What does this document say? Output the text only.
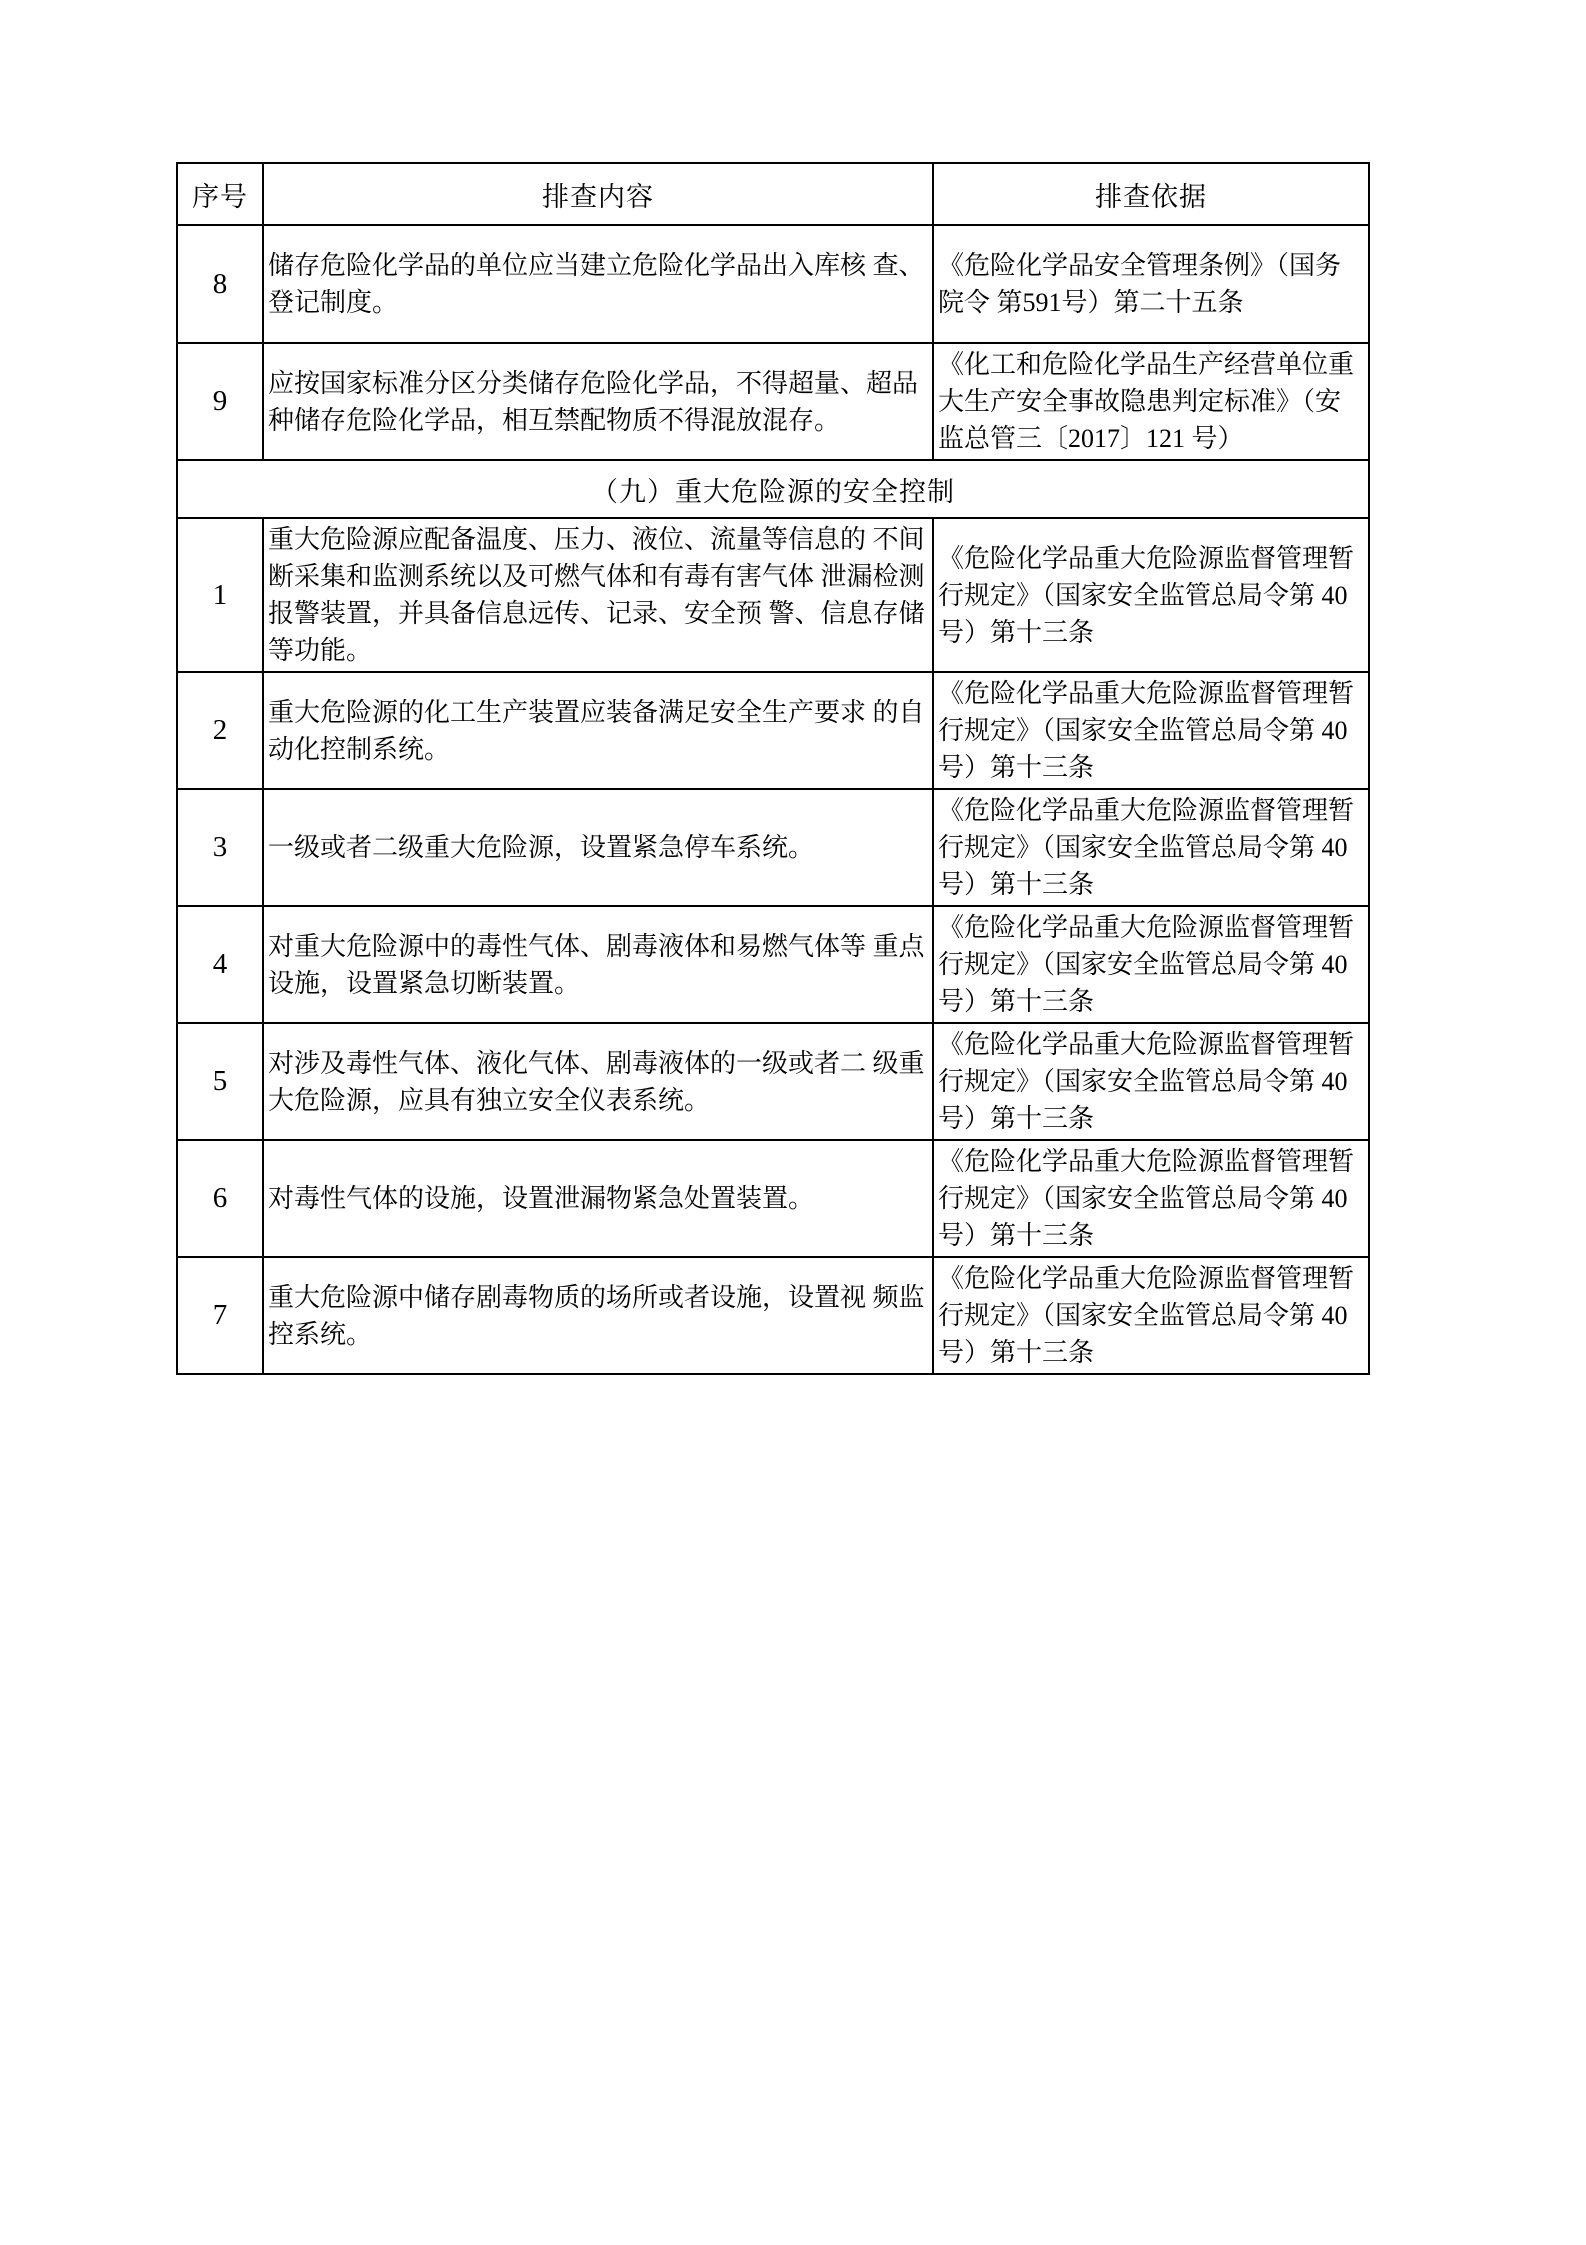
序号	排查内容	排查依据
8	储存危险化学品的单位应当建立危险化学品出入库核 查、登记制度。	《危险化学品安全管理条例》（国务院令 第591号）第二十五条
9	应按国家标准分区分类储存危险化学品，不得超量、超品种储存危险化学品，相互禁配物质不得混放混存。	《化工和危险化学品生产经营单位重大生产安全事故隐患判定标准》（安监总管三〔2017〕121 号）
（九）重大危险源的安全控制		
1	重大危险源应配备温度、压力、液位、流量等信息的 不间断采集和监测系统以及可燃气体和有毒有害气体 泄漏检测报警装置，并具备信息远传、记录、安全预 警、信息存储等功能。	《危险化学品重大危险源监督管理暂行规定》（国家安全监管总局令第 40 号）第十三条
2	重大危险源的化工生产装置应装备满足安全生产要求 的自动化控制系统。	《危险化学品重大危险源监督管理暂行规定》（国家安全监管总局令第 40 号）第十三条
3	一级或者二级重大危险源，设置紧急停车系统。	《危险化学品重大危险源监督管理暂行规定》（国家安全监管总局令第 40 号）第十三条
4	对重大危险源中的毒性气体、剧毒液体和易燃气体等 重点设施，设置紧急切断装置。	《危险化学品重大危险源监督管理暂行规定》（国家安全监管总局令第 40 号）第十三条
5	对涉及毒性气体、液化气体、剧毒液体的一级或者二 级重大危险源，应具有独立安全仪表系统。	《危险化学品重大危险源监督管理暂行规定》（国家安全监管总局令第 40 号）第十三条
6	对毒性气体的设施，设置泄漏物紧急处置装置。	《危险化学品重大危险源监督管理暂行规定》（国家安全监管总局令第 40 号）第十三条
7	重大危险源中储存剧毒物质的场所或者设施，设置视 频监控系统。	《危险化学品重大危险源监督管理暂行规定》（国家安全监管总局令第 40 号）第十三条
